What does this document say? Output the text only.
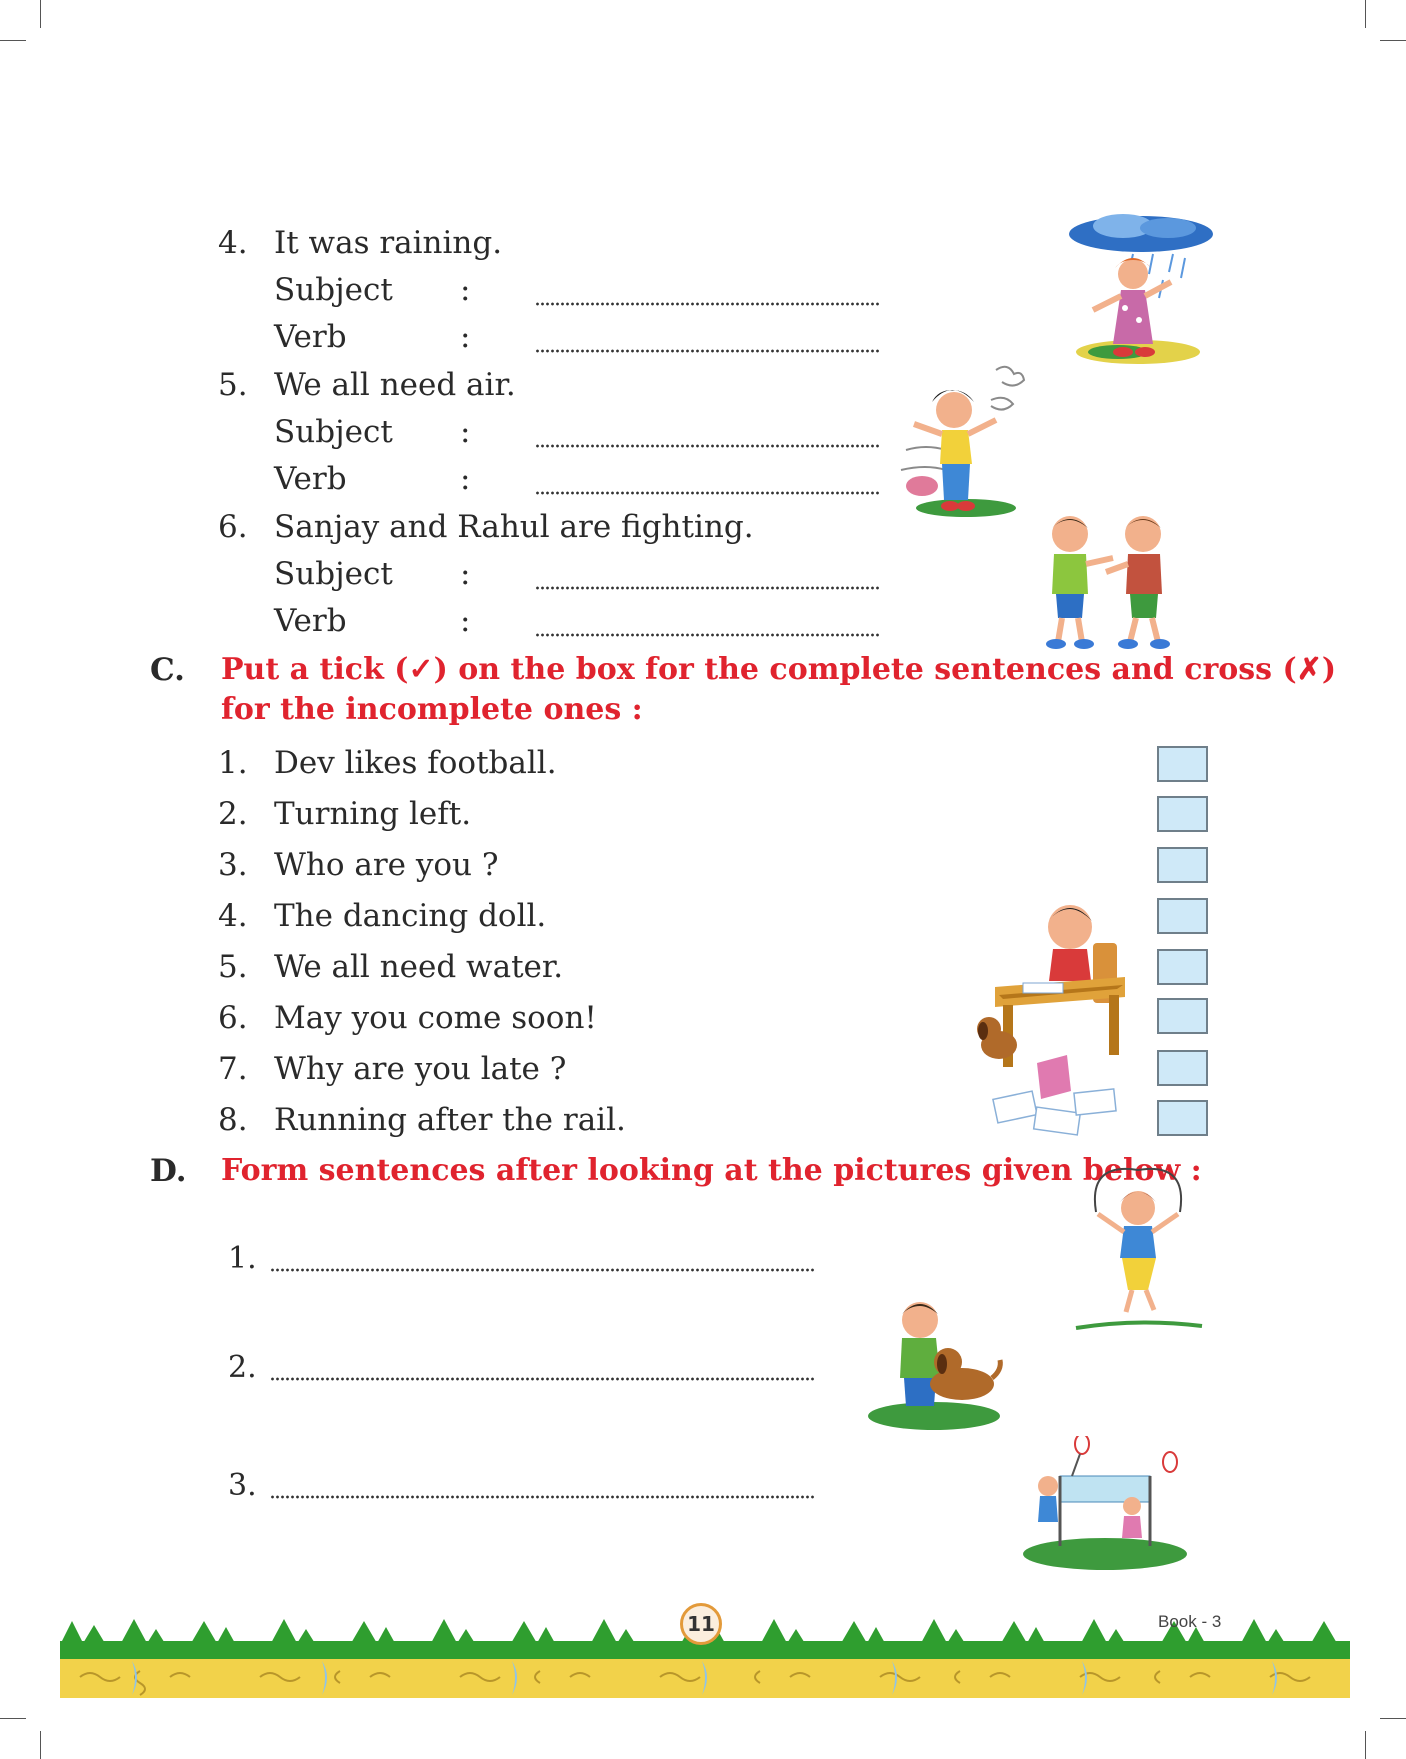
4. It was raining.
Subject :
Verb	:
5. We all need air.
Subject :
Verb	:
6. Sanjay and Rahul are fighting.
Subject :
Verb	:
C. Put a tick (✓) on the box for the complete sentences and cross (✗)
for the incomplete ones :
1. Dev likes football.
2. Turning left.
3. Who are you ?
4. The dancing doll.
5. We all need water.
6. May you come soon!
7. Why are you late ?
8. Running after the rail.
D. Form sentences after looking at the pictures given below :
1.
2.
3.
11	Book - 3
